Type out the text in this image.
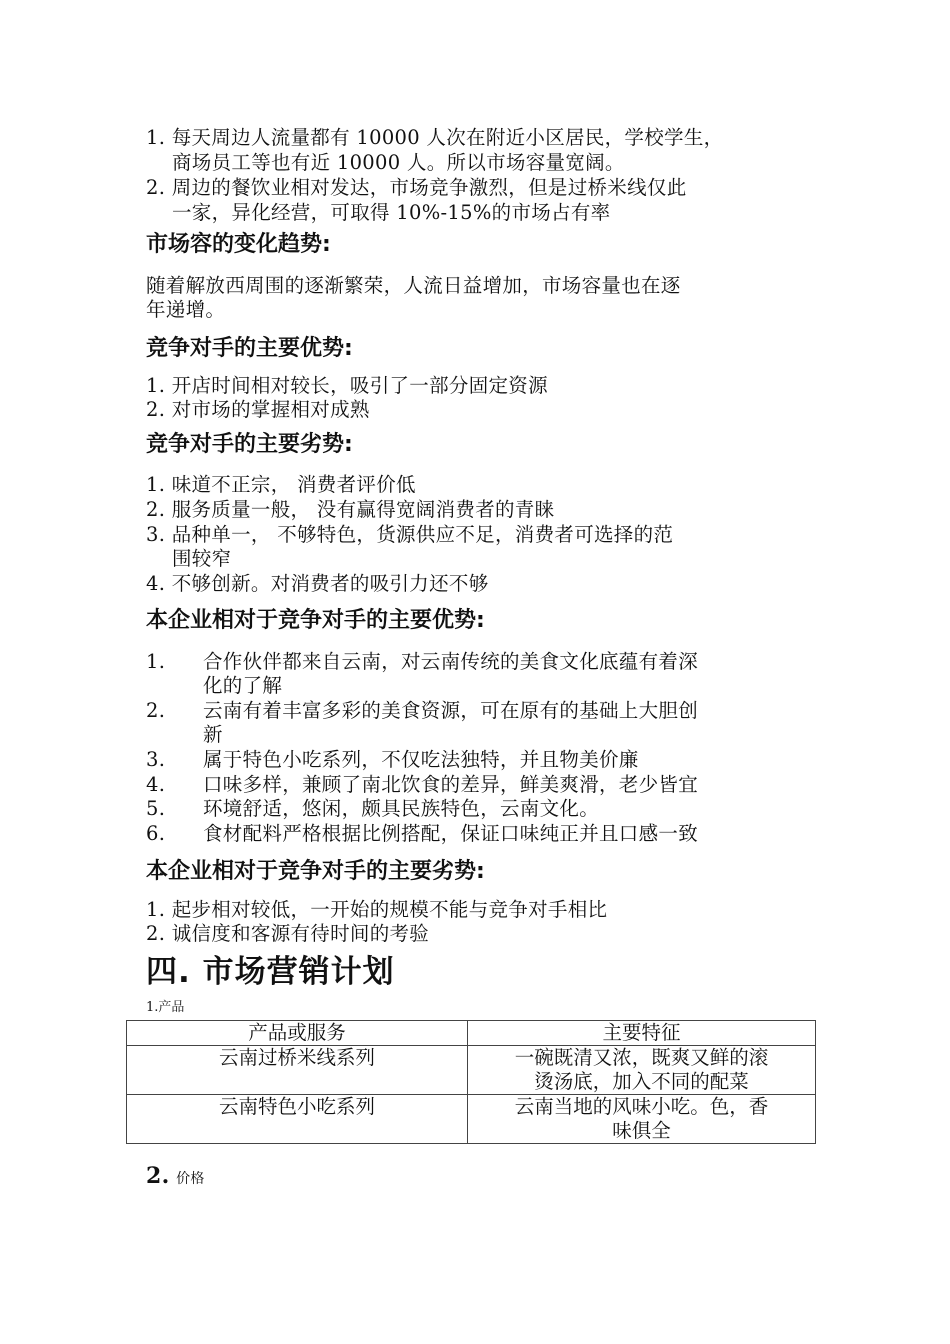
1. 每天周边人流量都有 10000 人次在附近小区居民，学校学生，
商场员工等也有近 10000 人。所以市场容量宽阔。
2. 周边的餐饮业相对发达，市场竞争激烈，但是过桥米线仅此
一家，异化经营，可取得 10%-15%的市场占有率
市场容的变化趋势:
随着解放西周围的逐渐繁荣，人流日益增加，市场容量也在逐
年递增。
竞争对手的主要优势:
1. 开店时间相对较长，吸引了一部分固定资源
2. 对市场的掌握相对成熟
竞争对手的主要劣势:
1. 味道不正宗， 消费者评价低
2. 服务质量一般， 没有赢得宽阔消费者的青睐
3. 品种单一， 不够特色，货源供应不足，消费者可选择的范
围较窄
4. 不够创新。对消费者的吸引力还不够
本企业相对于竞争对手的主要优势:
1. 合作伙伴都来自云南，对云南传统的美食文化底蕴有着深
化的了解
2. 云南有着丰富多彩的美食资源，可在原有的基础上大胆创
新
3. 属于特色小吃系列，不仅吃法独特，并且物美价廉
4. 口味多样，兼顾了南北饮食的差异，鲜美爽滑，老少皆宜
5. 环境舒适，悠闲，颇具民族特色，云南文化。
6. 食材配料严格根据比例搭配，保证口味纯正并且口感一致
本企业相对于竞争对手的主要劣势:
1. 起步相对较低，一开始的规模不能与竞争对手相比
2. 诚信度和客源有待时间的考验
四. 市场营销计划
1.产品
产品或服务	主要特征
云南过桥米线系列	一碗既清又浓，既爽又鲜的滚
烫汤底，加入不同的配菜

云南特色小吃系列	云南当地的风味小吃。色，香
味俱全
2. 价格
